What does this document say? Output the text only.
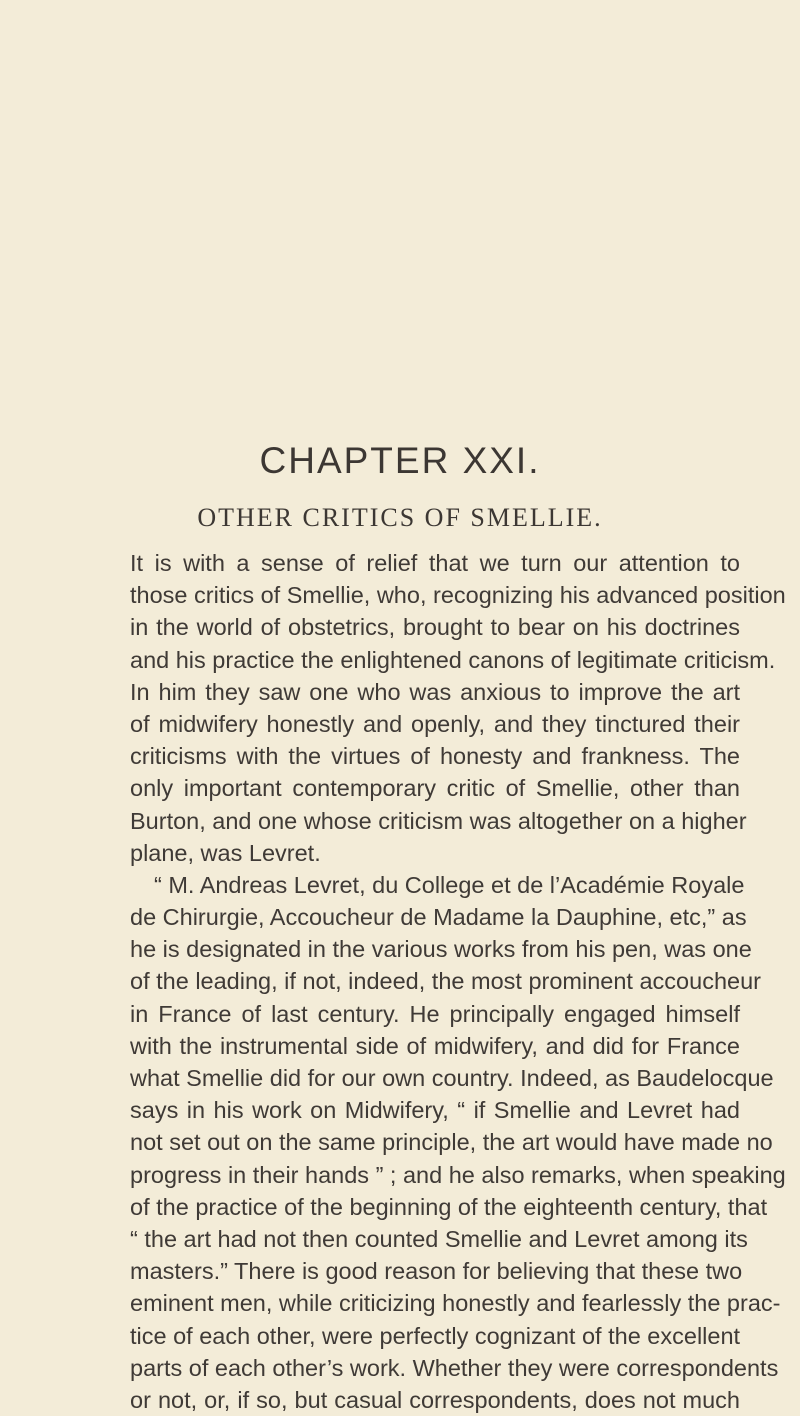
CHAPTER XXI.
OTHER CRITICS OF SMELLIE.
It is with a sense of relief that we turn our attention to
those critics of Smellie, who, recognizing his advanced position
in the world of obstetrics, brought to bear on his doctrines
and his practice the enlightened canons of legitimate criticism.
In him they saw one who was anxious to improve the art
of midwifery honestly and openly, and they tinctured their
criticisms with the virtues of honesty and frankness. The
only important contemporary critic of Smellie, other than
Burton, and one whose criticism was altogether on a higher
plane, was Levret.
“ M. Andreas Levret, du College et de l’Académie Royale
de Chirurgie, Accoucheur de Madame la Dauphine, etc,” as
he is designated in the various works from his pen, was one
of the leading, if not, indeed, the most prominent accoucheur
in France of last century. He principally engaged himself
with the instrumental side of midwifery, and did for France
what Smellie did for our own country. Indeed, as Baudelocque
says in his work on Midwifery, “ if Smellie and Levret had
not set out on the same principle, the art would have made no
progress in their hands ” ; and he also remarks, when speaking
of the practice of the beginning of the eighteenth century, that
“ the art had not then counted Smellie and Levret among its
masters.” There is good reason for believing that these two
eminent men, while criticizing honestly and fearlessly the prac-
tice of each other, were perfectly cognizant of the excellent
parts of each other’s work. Whether they were correspondents
or not, or, if so, but casual correspondents, does not much
